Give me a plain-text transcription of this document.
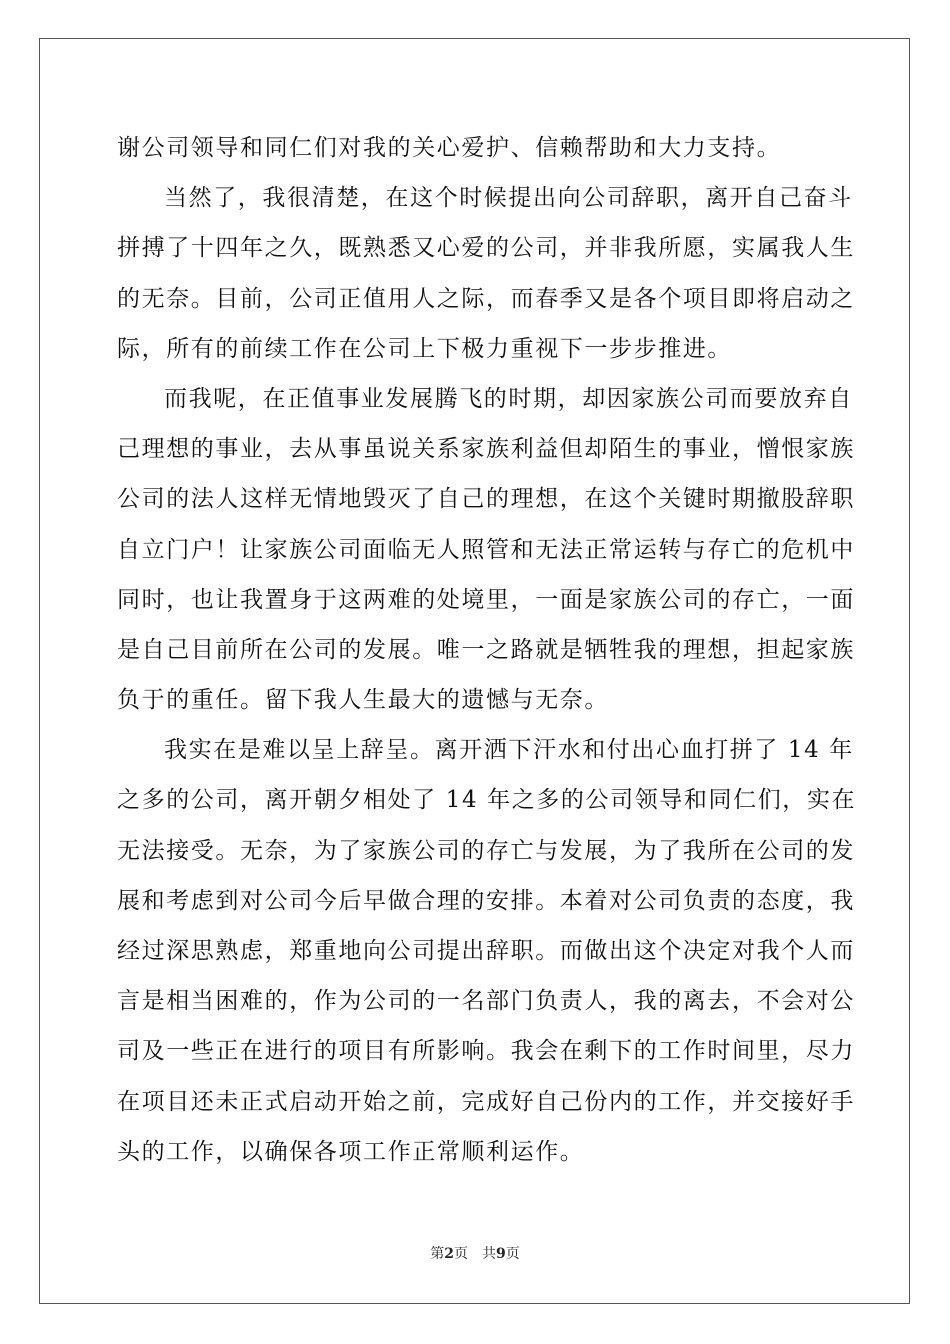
谢公司领导和同仁们对我的关心爱护、信赖帮助和大力支持。
当然了，我很清楚，在这个时候提出向公司辞职，离开自己奋斗
拼搏了十四年之久，既熟悉又心爱的公司，并非我所愿，实属我人生
的无奈。目前，公司正值用人之际，而春季又是各个项目即将启动之
际，所有的前续工作在公司上下极力重视下一步步推进。
而我呢，在正值事业发展腾飞的时期，却因家族公司而要放弃自
己理想的事业，去从事虽说关系家族利益但却陌生的事业，憎恨家族
公司的法人这样无情地毁灭了自己的理想，在这个关键时期撤股辞职
自立门户！让家族公司面临无人照管和无法正常运转与存亡的危机中
同时，也让我置身于这两难的处境里，一面是家族公司的存亡，一面
是自己目前所在公司的发展。唯一之路就是牺牲我的理想，担起家族
负于的重任。留下我人生最大的遗憾与无奈。
我实在是难以呈上辞呈。离开洒下汗水和付出心血打拼了 14 年
之多的公司，离开朝夕相处了 14 年之多的公司领导和同仁们，实在
无法接受。无奈，为了家族公司的存亡与发展，为了我所在公司的发
展和考虑到对公司今后早做合理的安排。本着对公司负责的态度，我
经过深思熟虑，郑重地向公司提出辞职。而做出这个决定对我个人而
言是相当困难的，作为公司的一名部门负责人，我的离去，不会对公
司及一些正在进行的项目有所影响。我会在剩下的工作时间里，尽力
在项目还未正式启动开始之前，完成好自己份内的工作，并交接好手
头的工作，以确保各项工作正常顺利运作。
第2页 共9页
